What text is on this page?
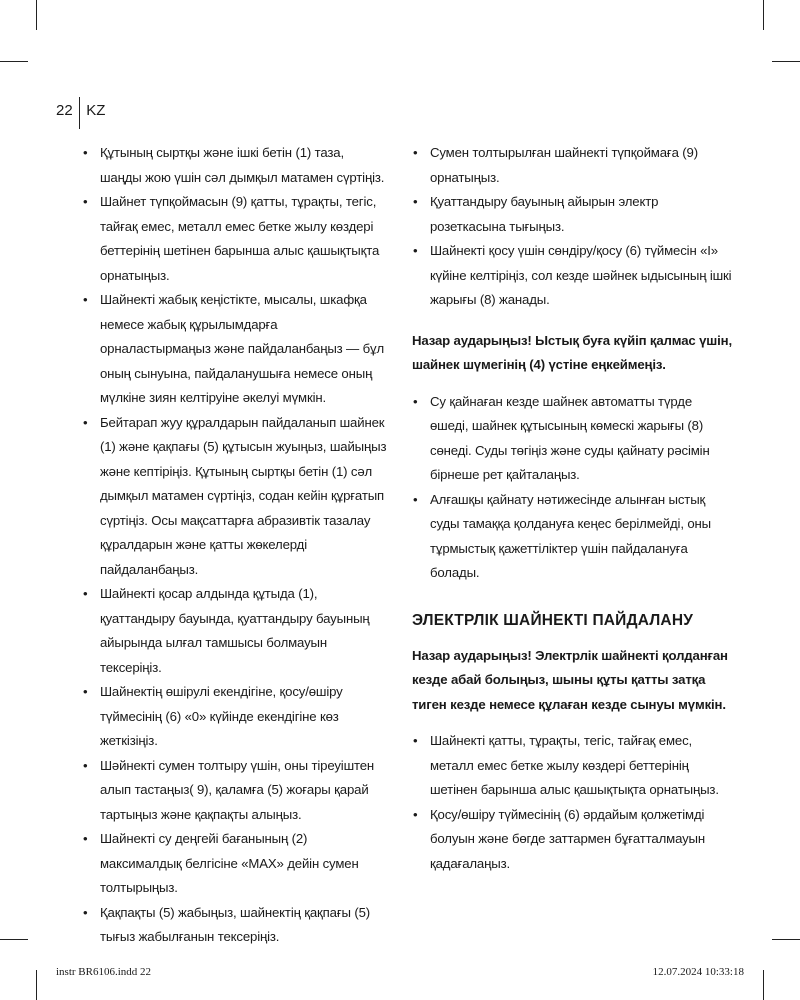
22 KZ
• Құтының сыртқы және ішкі бетін (1) таза, шаңды жою үшін сәл дымқыл матамен сүртіңіз.
• Шайнет түпқоймасын (9) қатты, тұрақты, тегіс, тайғақ емес, металл емес бетке жылу көздері беттерінің шетінен барынша алыс қашықтықта орнатыңыз.
• Шайнекті жабық кеңістікте, мысалы, шкафқа немесе жабық құрылымдарға орналастырмаңыз және пайдаланбаңыз — бұл оның сынуына, пайдаланушыға немесе оның мүлкіне зиян келтіруіне әкелуі мүмкін.
• Бейтарап жуу құралдарын пайдаланып шайнек (1) және қақпағы (5) құтысын жуыңыз, шайыңыз және кептіріңіз. Құтының сыртқы бетін (1) сәл дымқыл матамен сүртіңіз, содан кейін құрғатып сүртіңіз. Осы мақсаттарға абразивтік тазалау құралдарын және қатты жөкелерді пайдаланбаңыз.
• Шайнекті қосар алдында құтыда (1), қуаттандыру бауында, қуаттандыру бауының айырында ылғал тамшысы болмауын тексеріңіз.
• Шайнектің өшірулі екендігіне, қосу/өшіру түймесінің (6) «0» күйінде екендігіне көз жеткізіңіз.
• Шәйнекті сумен толтыру үшін, оны тіреуіштен алып тастаңыз( 9), қаламға (5) жоғары қарай тартыңыз және қақпақты алыңыз.
• Шайнекті су деңгейі бағанының (2) максималдық белгісіне «MAX» дейін сумен толтырыңыз.
• Қақпақты (5) жабыңыз, шайнектің қақпағы (5) тығыз жабылғанын тексеріңіз.
• Сумен толтырылған шайнекті түпқоймаға (9) орнатыңыз.
• Қуаттандыру бауының айырын электр розеткасына тығыңыз.
• Шайнекті қосу үшін сөндіру/қосу (6) түймесін «I» күйіне келтіріңіз, сол кезде шәйнек ыдысының ішкі жарығы (8) жанады.
Назар аударыңыз! Ыстық буға күйіп қалмас үшін, шайнек шүмегінің (4) үстіне еңкеймеңіз.
• Су қайнаған кезде шайнек автоматты түрде өшеді, шайнек құтысының көмескі жарығы (8) сөнеді. Суды төгіңіз және суды қайнату рәсімін бірнеше рет қайталаңыз.
• Алғашқы қайнату нәтижесінде алынған ыстық суды тамаққа қолдануға кеңес берілмейді, оны тұрмыстық қажеттіліктер үшін пайдалануға болады.
ЭЛЕКТРЛІК ШАЙНЕКТІ ПАЙДАЛАНУ
Назар аударыңыз! Электрлік шайнекті қолданған кезде абай болыңыз, шыны құты қатты затқа тиген кезде немесе құлаған кезде сынуы мүмкін.
• Шайнекті қатты, тұрақты, тегіс, тайғақ емес, металл емес бетке жылу көздері беттерінің шетінен барынша алыс қашықтықта орнатыңыз.
• Қосу/өшіру түймесінің (6) әрдайым қолжетімді болуын және бөгде заттармен бұғатталмауын қадағалаңыз.
instr BR6106.indd 22	12.07.2024 10:33:18
